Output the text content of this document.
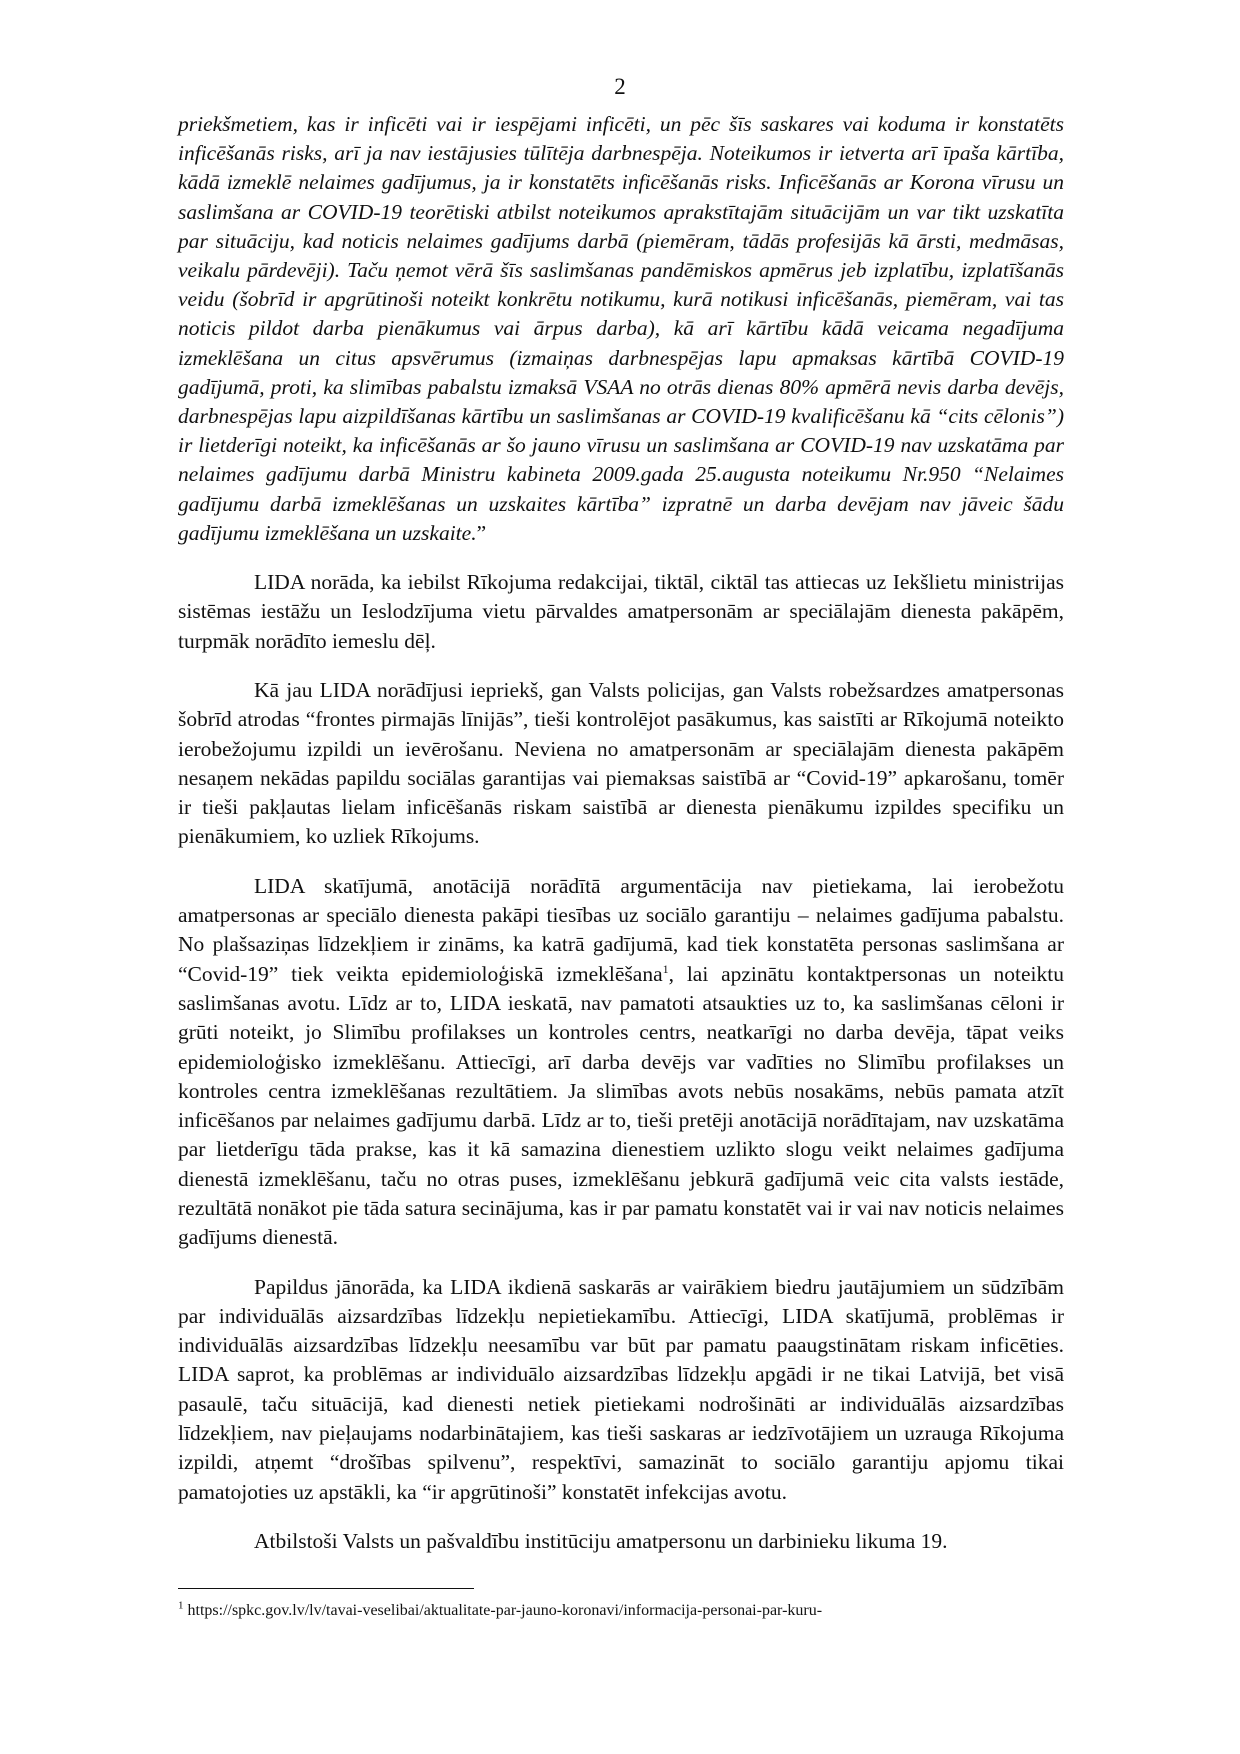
2

priekšmetiem, kas ir inficēti vai ir iespējami inficēti, un pēc šīs saskares vai koduma ir konstatēts inficēšanās risks, arī ja nav iestājusies tūlītēja darbnespēja. Noteikumos ir ietverta arī īpaša kārtība, kādā izmeklē nelaimes gadījumus, ja ir konstatēts inficēšanās risks. Inficēšanās ar Korona vīrusu un saslimšana ar COVID-19 teorētiski atbilst noteikumos aprakstītajām situācijām un var tikt uzskatīta par situāciju, kad noticis nelaimes gadījums darbā (piemēram, tādās profesijās kā ārsti, medmāsas, veikalu pārdevēji). Taču ņemot vērā šīs saslimšanas pandēmiskos apmērus jeb izplatību, izplatīšanās veidu (šobrīd ir apgrūtinoši noteikt konkrētu notikumu, kurā notikusi inficēšanās, piemēram, vai tas noticis pildot darba pienākumus vai ārpus darba), kā arī kārtību kādā veicama negadījuma izmeklēšana un citus apsvērumus (izmaiņas darbnespējas lapu apmaksas kārtībā COVID-19 gadījumā, proti, ka slimības pabalstu izmaksā VSAA no otrās dienas 80% apmērā nevis darba devējs, darbnespējas lapu aizpildīšanas kārtību un saslimšanas ar COVID-19 kvalificēšanu kā “cits cēlonis”) ir lietderīgi noteikt, ka inficēšanās ar šo jauno vīrusu un saslimšana ar COVID-19 nav uzskatāma par nelaimes gadījumu darbā Ministru kabineta 2009.gada 25.augusta noteikumu Nr.950 “Nelaimes gadījumu darbā izmeklēšanas un uzskaites kārtība” izpratnē un darba devējam nav jāveic šādu gadījumu izmeklēšana un uzskaite.”

LIDA norāda, ka iebilst Rīkojuma redakcijai, tiktāl, ciktāl tas attiecas uz Iekšlietu ministrijas sistēmas iestāžu un Ieslodzījuma vietu pārvaldes amatpersonām ar speciālajām dienesta pakāpēm, turpmāk norādīto iemeslu dēļ.

Kā jau LIDA norādījusi iepriekš, gan Valsts policijas, gan Valsts robežsardzes amatpersonas šobrīd atrodas “frontes pirmajās līnijās”, tieši kontrolējot pasākumus, kas saistīti ar Rīkojumā noteikto ierobežojumu izpildi un ievērošanu. Neviena no amatpersonām ar speciālajām dienesta pakāpēm nesaņem nekādas papildu sociālas garantijas vai piemaksas saistībā ar “Covid-19” apkarošanu, tomēr ir tieši pakļautas lielam inficēšanās riskam saistībā ar dienesta pienākumu izpildes specifiku un pienākumiem, ko uzliek Rīkojums.

LIDA skatījumā, anotācijā norādītā argumentācija nav pietiekama, lai ierobežotu amatpersonas ar speciālo dienesta pakāpi tiesības uz sociālo garantiju – nelaimes gadījuma pabalstu. No plašsaziņas līdzekļiem ir zināms, ka katrā gadījumā, kad tiek konstatēta personas saslimšana ar “Covid-19” tiek veikta epidemioloģiskā izmeklēšana$^1$, lai apzinātu kontaktpersonas un noteiktu saslimšanas avotu. Līdz ar to, LIDA ieskatā, nav pamatoti atsaukties uz to, ka saslimšanas cēloni ir grūti noteikt, jo Slimību profilakses un kontroles centrs, neatkarīgi no darba devēja, tāpat veiks epidemioloģisko izmeklēšanu. Attiecīgi, arī darba devējs var vadīties no Slimību profilakses un kontroles centra izmeklēšanas rezultātiem. Ja slimības avots nebūs nosakāms, nebūs pamata atzīt inficēšanos par nelaimes gadījumu darbā. Līdz ar to, tieši pretēji anotācijā norādītajam, nav uzskatāma par lietderīgu tāda prakse, kas it kā samazina dienestiem uzlikto slogu veikt nelaimes gadījuma dienestā izmeklēšanu, taču no otras puses, izmeklēšanu jebkurā gadījumā veic cita valsts iestāde, rezultātā nonākot pie tāda satura secinājuma, kas ir par pamatu konstatēt vai ir vai nav noticis nelaimes gadījums dienestā.

Papildus jānorāda, ka LIDA ikdienā saskarās ar vairākiem biedru jautājumiem un sūdzībām par individuālās aizsardzības līdzekļu nepietiekamību. Attiecīgi, LIDA skatījumā, problēmas ir individuālās aizsardzības līdzekļu neesamību var būt par pamatu paaugstinātam riskam inficēties. LIDA saprot, ka problēmas ar individuālo aizsardzības līdzekļu apgādi ir ne tikai Latvijā, bet visā pasaulē, taču situācijā, kad dienesti netiek pietiekami nodrošināti ar individuālās aizsardzības līdzekļiem, nav pieļaujams nodarbinātajiem, kas tieši saskaras ar iedzīvotājiem un uzrauga Rīkojuma izpildi, atņemt “drošības spilvenu”, respektīvi, samazināt to sociālo garantiju apjomu tikai pamatojoties uz apstākli, ka “ir apgrūtinoši” konstatēt infekcijas avotu.

Atbilstoši Valsts un pašvaldību institūciju amatpersonu un darbinieku likuma 19.

$^1$ https://spkc.gov.lv/lv/tavai-veselibai/aktualitate-par-jauno-koronavi/informacija-personai-par-kuru-
